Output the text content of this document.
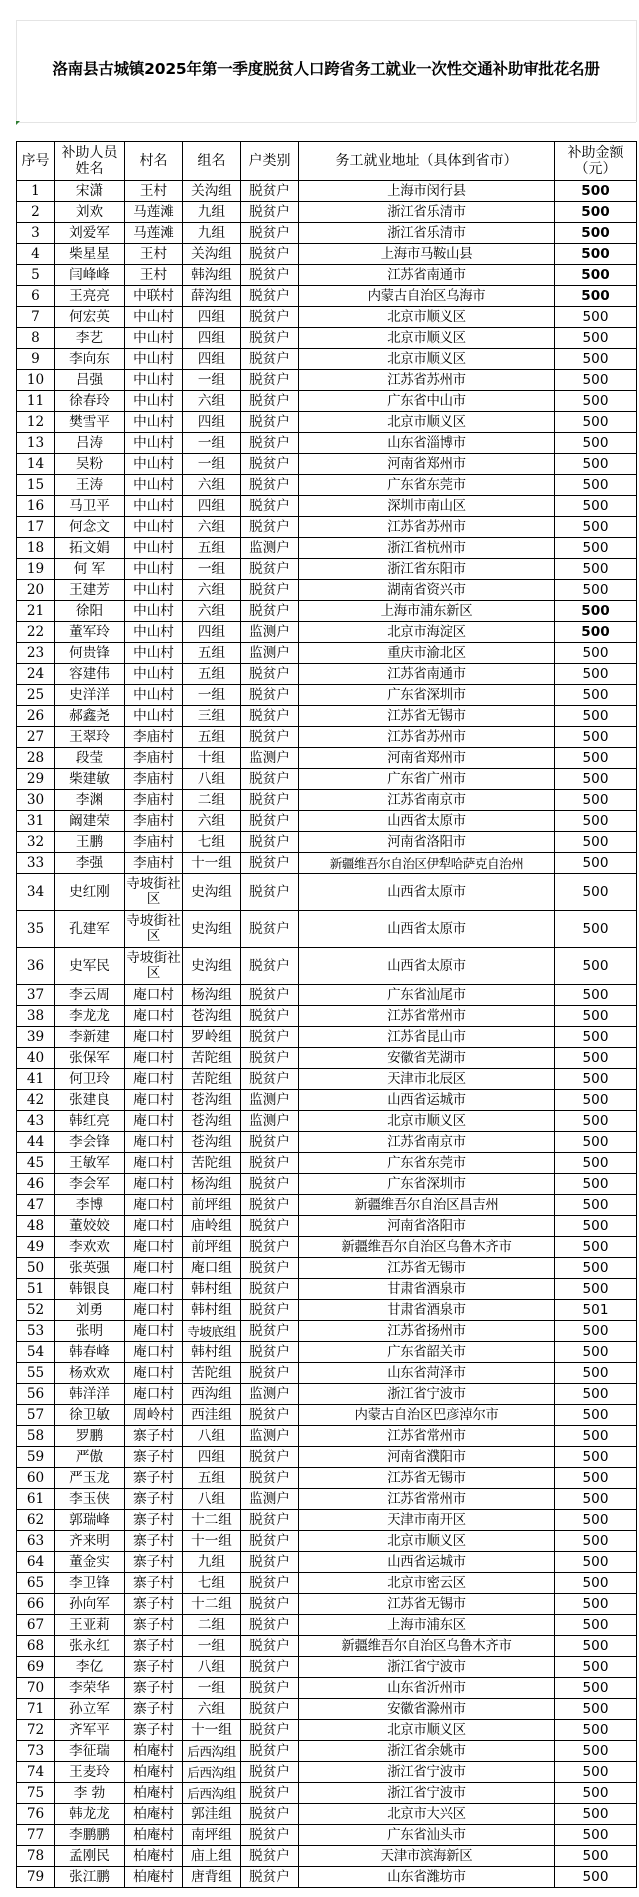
洛南县古城镇2025年第一季度脱贫人口跨省务工就业一次性交通补助审批花名册
序号	补助人员姓名	村名	组名	户类别	务工就业地址（具体到省市）	补助金额（元）
1	宋潇	王村	关沟组	脱贫户	上海市闵行县	500
2	刘欢	马莲滩	九组	脱贫户	浙江省乐清市	500
3	刘爱军	马莲滩	九组	脱贫户	浙江省乐清市	500
4	柴星星	王村	关沟组	脱贫户	上海市马鞍山县	500
5	闫峰峰	王村	韩沟组	脱贫户	江苏省南通市	500
6	王亮亮	中联村	薛沟组	脱贫户	内蒙古自治区乌海市	500
7	何宏英	中山村	四组	脱贫户	北京市顺义区	500
8	李艺	中山村	四组	脱贫户	北京市顺义区	500
9	李向东	中山村	四组	脱贫户	北京市顺义区	500
10	吕强	中山村	一组	脱贫户	江苏省苏州市	500
11	徐春玲	中山村	六组	脱贫户	广东省中山市	500
12	樊雪平	中山村	四组	脱贫户	北京市顺义区	500
13	吕涛	中山村	一组	脱贫户	山东省淄博市	500
14	吴粉	中山村	一组	脱贫户	河南省郑州市	500
15	王涛	中山村	六组	脱贫户	广东省东莞市	500
16	马卫平	中山村	四组	脱贫户	深圳市南山区	500
17	何念文	中山村	六组	脱贫户	江苏省苏州市	500
18	拓文娟	中山村	五组	监测户	浙江省杭州市	500
19	何 军	中山村	一组	脱贫户	浙江省东阳市	500
20	王建芳	中山村	六组	脱贫户	湖南省资兴市	500
21	徐阳	中山村	六组	脱贫户	上海市浦东新区	500
22	董军玲	中山村	四组	监测户	北京市海淀区	500
23	何贵锋	中山村	五组	监测户	重庆市渝北区	500
24	容建伟	中山村	五组	脱贫户	江苏省南通市	500
25	史洋洋	中山村	一组	脱贫户	广东省深圳市	500
26	郝鑫尧	中山村	三组	脱贫户	江苏省无锡市	500
27	王翠玲	李庙村	五组	脱贫户	江苏省苏州市	500
28	段莹	李庙村	十组	监测户	河南省郑州市	500
29	柴建敏	李庙村	八组	脱贫户	广东省广州市	500
30	李渊	李庙村	二组	脱贫户	江苏省南京市	500
31	阚建荣	李庙村	六组	脱贫户	山西省太原市	500
32	王鹏	李庙村	七组	脱贫户	河南省洛阳市	500
33	李强	李庙村	十一组	脱贫户	新疆维吾尔自治区伊犁哈萨克自治州	500
34	史红刚	寺坡街社区	史沟组	脱贫户	山西省太原市	500
35	孔建军	寺坡街社区	史沟组	脱贫户	山西省太原市	500
36	史军民	寺坡街社区	史沟组	脱贫户	山西省太原市	500
37	李云周	庵口村	杨沟组	脱贫户	广东省汕尾市	500
38	李龙龙	庵口村	苍沟组	脱贫户	江苏省常州市	500
39	李新建	庵口村	罗岭组	脱贫户	江苏省昆山市	500
40	张保军	庵口村	苦陀组	脱贫户	安徽省芜湖市	500
41	何卫玲	庵口村	苦陀组	脱贫户	天津市北辰区	500
42	张建良	庵口村	苍沟组	监测户	山西省运城市	500
43	韩红亮	庵口村	苍沟组	监测户	北京市顺义区	500
44	李会锋	庵口村	苍沟组	脱贫户	江苏省南京市	500
45	王敏军	庵口村	苦陀组	脱贫户	广东省东莞市	500
46	李会军	庵口村	杨沟组	脱贫户	广东省深圳市	500
47	李博	庵口村	前坪组	脱贫户	新疆维吾尔自治区昌吉州	500
48	董姣姣	庵口村	庙岭组	脱贫户	河南省洛阳市	500
49	李欢欢	庵口村	前坪组	脱贫户	新疆维吾尔自治区乌鲁木齐市	500
50	张英强	庵口村	庵口组	脱贫户	江苏省无锡市	500
51	韩银良	庵口村	韩村组	脱贫户	甘肃省酒泉市	500
52	刘勇	庵口村	韩村组	脱贫户	甘肃省酒泉市	501
53	张明	庵口村	寺坡底组	脱贫户	江苏省扬州市	500
54	韩春峰	庵口村	韩村组	脱贫户	广东省韶关市	500
55	杨欢欢	庵口村	苦陀组	脱贫户	山东省菏泽市	500
56	韩洋洋	庵口村	西沟组	监测户	浙江省宁波市	500
57	徐卫敏	周岭村	西洼组	脱贫户	内蒙古自治区巴彦淖尔市	500
58	罗鹏	寨子村	八组	监测户	江苏省常州市	500
59	严傲	寨子村	四组	脱贫户	河南省濮阳市	500
60	严玉龙	寨子村	五组	脱贫户	江苏省无锡市	500
61	李玉侠	寨子村	八组	监测户	江苏省常州市	500
62	郭瑞峰	寨子村	十二组	脱贫户	天津市南开区	500
63	齐来明	寨子村	十一组	脱贫户	北京市顺义区	500
64	董金实	寨子村	九组	脱贫户	山西省运城市	500
65	李卫锋	寨子村	七组	脱贫户	北京市密云区	500
66	孙向军	寨子村	十二组	脱贫户	江苏省无锡市	500
67	王亚莉	寨子村	二组	脱贫户	上海市浦东区	500
68	张永红	寨子村	一组	脱贫户	新疆维吾尔自治区乌鲁木齐市	500
69	李亿	寨子村	八组	脱贫户	浙江省宁波市	500
70	李荣华	寨子村	一组	脱贫户	山东省沂州市	500
71	孙立军	寨子村	六组	脱贫户	安徽省滁州市	500
72	齐军平	寨子村	十一组	脱贫户	北京市顺义区	500
73	李征瑞	柏庵村	后西沟组	脱贫户	浙江省余姚市	500
74	王麦玲	柏庵村	后西沟组	脱贫户	浙江省宁波市	500
75	李 勃	柏庵村	后西沟组	脱贫户	浙江省宁波市	500
76	韩龙龙	柏庵村	郭洼组	脱贫户	北京市大兴区	500
77	李鹏鹏	柏庵村	南坪组	脱贫户	广东省汕头市	500
78	孟刚民	柏庵村	庙上组	脱贫户	天津市滨海新区	500
79	张江鹏	柏庵村	唐背组	脱贫户	山东省潍坊市	500
